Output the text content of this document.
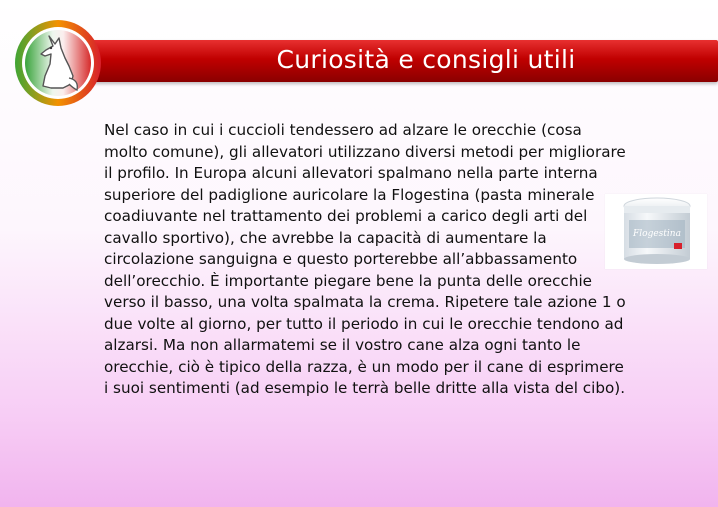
Curiosità e consigli utili
Nel caso in cui i cuccioli tendessero ad alzare le orecchie (cosa molto comune), gli allevatori utilizzano diversi metodi per migliorare il profilo. In Europa alcuni allevatori spalmano nella parte interna superiore del padiglione auricolare la Flogestina (pasta minerale coadiuvante nel trattamento dei problemi a carico degli arti del cavallo sportivo), che avrebbe la capacità di aumentare la circolazione sanguigna e questo porterebbe all’abbassamento dell’orecchio. È importante piegare bene la punta delle orecchie verso il basso, una volta spalmata la crema. Ripetere tale azione 1 o due volte al giorno, per tutto il periodo in cui le orecchie tendono ad alzarsi. Ma non allarmatemi se il vostro cane alza ogni tanto le orecchie, ciò è tipico della razza, è un modo per il cane di esprimere i suoi sentimenti (ad esempio le terrà belle dritte alla vista del cibo).
Flogestina
